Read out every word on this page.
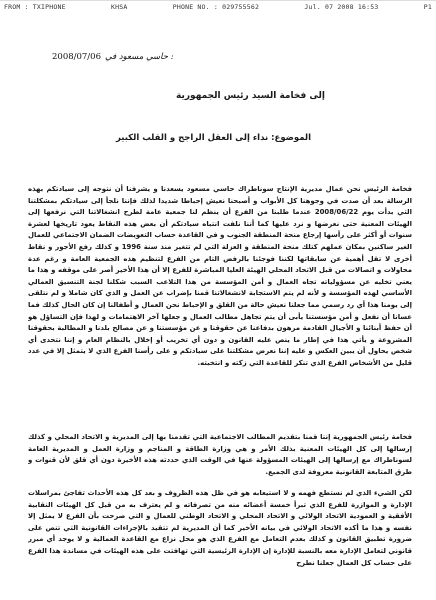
FROM : TXIPHONE	KHSA	PHONE NO. : 029755562	Jul. 07 2008 16:53	P1
2008/07/06 حاسي مسعود في :
إلى فخامة السيد رئيس الجمهورية
الموضوع: نداء إلى العقل الراجح و القلب الكبير
فخامة الرئيس نحن عمال مديرية الإنتاج سوناطراك حاسي مسعود يسعدنا و يشرفنا أن نتوجه إلى سيادتكم بهذه الرسالة بعد أن صدت في وجوهنا كل الأبواب و أصبحنا نعيش إحباطا شديدا لذلك فإننا نلجأ إلى سيادتكم بمشكلتنا التي بدأت يوم 2008/06/22 عندما طلبنا من الفرع أن ينظم لنا جمعية عامة لطرح انشغالاتنا التي نرفعها إلى الهيئات المعنية حتى نعرضها و نرد عليها كما أننا نلفت انتباه سيادتكم أن بعض هذه النقاط يعود تاريخها لعشرة سنوات أو أكثر على رأسها إرجاع منحة المنطقة الجنوب و في القاعدة حساب التعويضات الضمان الاجتماعي للعمال الغير ساكنين بمكان عملهم كتلك منحة المنطقة و العزلة التي لم تتغير منذ سنة 1996 و كذلك رفع الأجور و نقاط أخرى لا تقل أهمية عن سابقاتها لكننا فوجئنا بالرفض التام من الفرع لتنظيم هذه الجمعية العامة و رغم عدة محاولات و اتصالات من قبل الاتحاد المحلي الهيئة العليا المباشرة للفرع إلا أن هذا الأخير أصر على موقفه و هذا ما يعني تخليه عن مسؤولياته تجاه العمال و أمن المؤسسة من هذا التلاعب السبب شكلنا لجنة التنسيق العمالي الأساسي لهذه المؤسسة و لأنه لم يتم الاستجابة لانشغالاتنا قمنا بإضراب عن العمل و الذي كان شاملا و لم نتلقى إلى يومنا هذا أي رد رسمي مما جعلنا نعيش حالة من القلق و الإحباط نحن العمال و أطفالنا إن كان الحال كذلك فما عسانا أن نفعل و أمن مؤسستنا يأبى أن يتم تجاهل مطالب العمال و جعلها آخر الاهتمامات و لهذا فإن التساؤل هو أن حفظ أبنائنا و الأجيال القادمة مرهون بدفاعنا عن حقوقنا و عن مؤسستنا و عن مصالح بلدنا و المطالبة بحقوقنا المشروعة و يأتي هذا في إطار ما ينص عليه القانون و دون أي تخريب أو إخلال بالنظام العام و إننا نتحدى أي شخص يحاول أن يبين العكس و عليه إننا نعرض مشكلتنا على سيادتكم و على رأسنا الفرع الذي لا يتمثل إلا في عدد قليل من الأشخاص الفرع الذي تنكر للقاعدة التي زكته و انتخبته.
فخامة رئيس الجمهورية إننا قمنا بتقديم المطالب الاجتماعية التي تقدمنا بها إلى المديرية و الاتحاد المحلي و كذلك إرسالها إلى كل الهيئات المعنية بذلك الأمر و هي وزارة الطاقة و المناجم و وزارة العمل و المديرية العامة لسوناطراك مع إرسالها إلى الهيئات المسؤولة عنها في الوقت الذي حددته هذه الأخيرة دون أي قلق لأن قنوات و طرق المتابعة القانونية معروفة لدى الجميع.
لكن الشيء الذي لم نستطع فهمه و لا استيعابه هو في ظل هذه الظروف و بعد كل هذه الأحداث تفاجئ بمراسلات الإدارة و الموازرة للفرع الذي تبرأ خمسة أعضائه منه من تصرفاته و لم يعترف به من قبل كل الهيئات النقابية الأفقية و العمودية الاتحاد الولائي و الاتحاد المحلي و الاتحاد الوطني للعمال و التي صرحت بأن الفرع لا يمثل إلا نفسه و هذا ما أكده الاتحاد الولائي في بيانه الأخير كما أن المديرية لم تتقيد بالإجراءات القانونية التي تنص على ضرورة تطبيق القانون و كذلك بعدم التعامل مع الفرع الذي هو محل نزاع مع القاعدة العمالية و لا يوجد أي مبرر قانوني لتعامل الإدارة معه بالنسبة للإدارة إن الإدارة الرئيسية التي تهافتت على هذه الهيئات في مساندة هذا الفرع على حساب كل العمال جعلنا نطرح
